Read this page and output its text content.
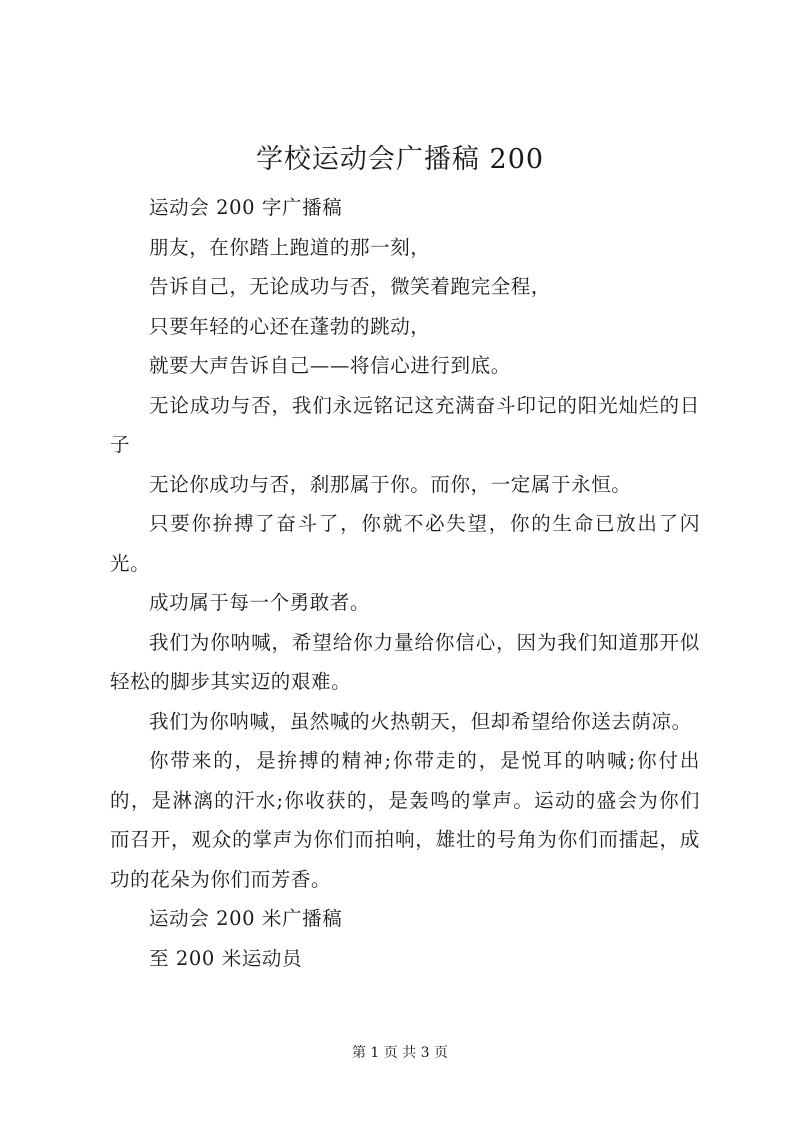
学校运动会广播稿 200

运动会 200 字广播稿

朋友，在你踏上跑道的那一刻，

告诉自己，无论成功与否，微笑着跑完全程，

只要年轻的心还在蓬勃的跳动，

就要大声告诉自己——将信心进行到底。

无论成功与否，我们永远铭记这充满奋斗印记的阳光灿烂的日子

无论你成功与否，刹那属于你。而你，一定属于永恒。

只要你拚搏了奋斗了，你就不必失望，你的生命已放出了闪光。

成功属于每一个勇敢者。

我们为你呐喊，希望给你力量给你信心，因为我们知道那开似轻松的脚步其实迈的艰难。

我们为你呐喊，虽然喊的火热朝天，但却希望给你送去荫凉。

你带来的，是拚搏的精神;你带走的，是悦耳的呐喊;你付出的，是淋漓的汗水;你收获的，是轰鸣的掌声。运动的盛会为你们而召开，观众的掌声为你们而拍响，雄壮的号角为你们而擂起，成功的花朵为你们而芳香。

运动会 200 米广播稿

至 200 米运动员

第 1 页 共 3 页
